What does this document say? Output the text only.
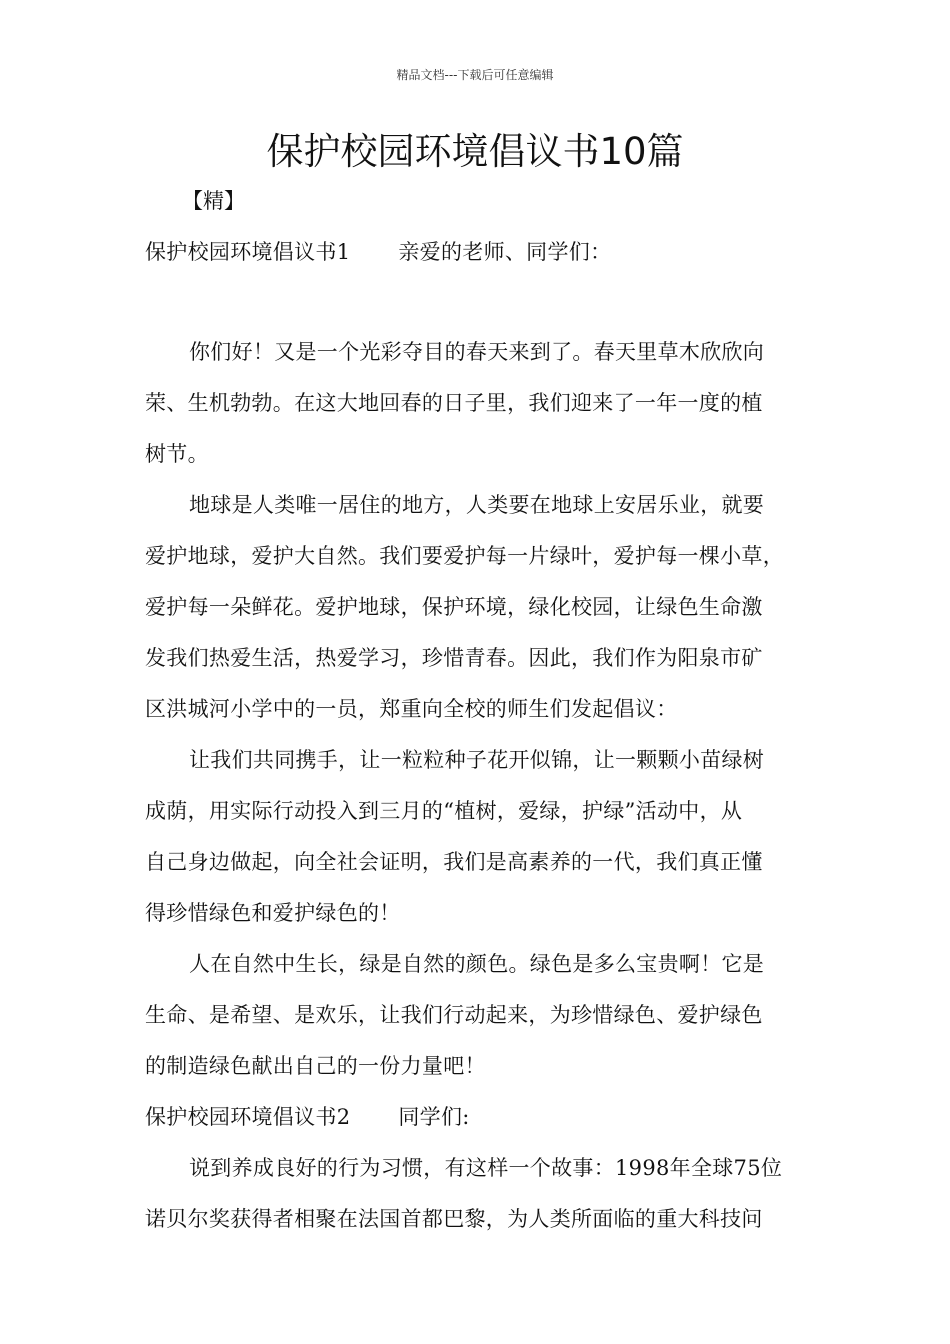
精品文档---下载后可任意编辑
保护校园环境倡议书10篇
【精】
保护校园环境倡议书1 亲爱的老师、同学们：
你们好！又是一个光彩夺目的春天来到了。春天里草木欣欣向
荣、生机勃勃。在这大地回春的日子里，我们迎来了一年一度的植
树节。
地球是人类唯一居住的地方，人类要在地球上安居乐业，就要
爱护地球，爱护大自然。我们要爱护每一片绿叶，爱护每一棵小草，
爱护每一朵鲜花。爱护地球，保护环境，绿化校园，让绿色生命激
发我们热爱生活，热爱学习，珍惜青春。因此，我们作为阳泉市矿
区洪城河小学中的一员，郑重向全校的师生们发起倡议：
让我们共同携手，让一粒粒种子花开似锦，让一颗颗小苗绿树
成荫，用实际行动投入到三月的“植树，爱绿，护绿”活动中，从
自己身边做起，向全社会证明，我们是高素养的一代，我们真正懂
得珍惜绿色和爱护绿色的！
人在自然中生长，绿是自然的颜色。绿色是多么宝贵啊！它是
生命、是希望、是欢乐，让我们行动起来，为珍惜绿色、爱护绿色
的制造绿色献出自己的一份力量吧！
保护校园环境倡议书2 同学们:
说到养成良好的行为习惯，有这样一个故事：1998年全球75位
诺贝尔奖获得者相聚在法国首都巴黎，为人类所面临的重大科技问
